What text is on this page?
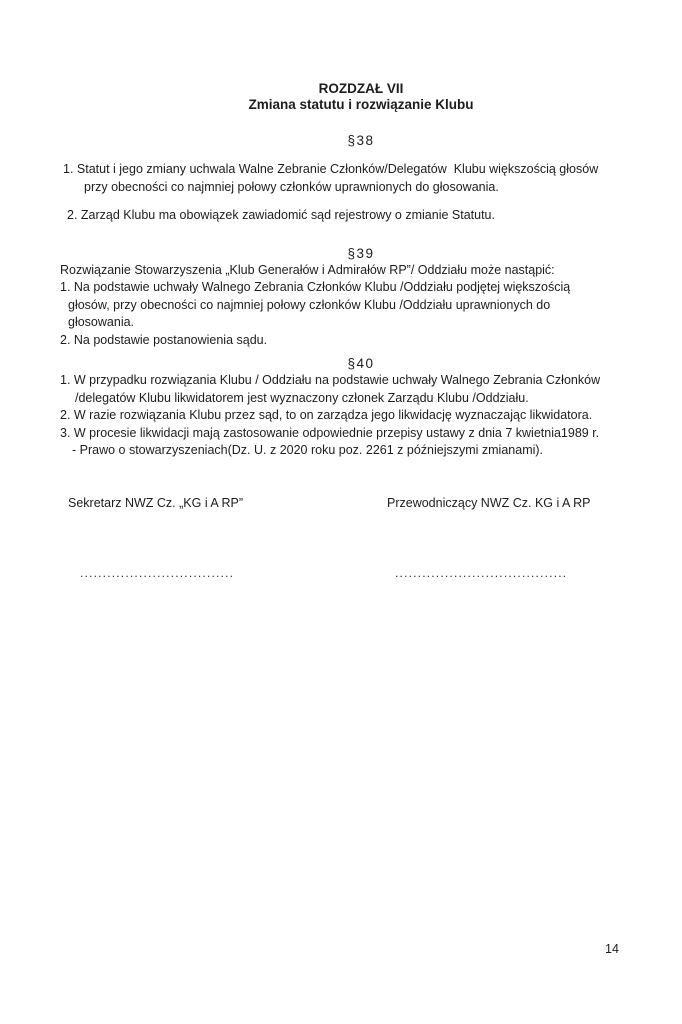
ROZDZAŁ VII
Zmiana statutu i rozwiązanie Klubu
§38
1. Statut i jego zmiany uchwala Walne Zebranie Członków/Delegatów  Klubu większością głosów
przy obecności co najmniej połowy członków uprawnionych do głosowania.
2. Zarząd Klubu ma obowiązek zawiadomić sąd rejestrowy o zmianie Statutu.
§39
Rozwiązanie Stowarzyszenia „Klub Generałów i Admirałów RP”/ Oddziału może nastąpić:
1. Na podstawie uchwały Walnego Zebrania Członków Klubu /Oddziału podjętej większością
głosów, przy obecności co najmniej połowy członków Klubu /Oddziału uprawnionych do
głosowania.
2. Na podstawie postanowienia sądu.
§40
1. W przypadku rozwiązania Klubu / Oddziału na podstawie uchwały Walnego Zebrania Członków
/delegatów Klubu likwidatorem jest wyznaczony członek Zarządu Klubu /Oddziału.
2. W razie rozwiązania Klubu przez sąd, to on zarządza jego likwidację wyznaczając likwidatora.
3. W procesie likwidacji mają zastosowanie odpowiednie przepisy ustawy z dnia 7 kwietnia1989 r.
- Prawo o stowarzyszeniach(Dz. U. z 2020 roku poz. 2261 z późniejszymi zmianami).
Sekretarz NWZ Cz. „KG i A RP”	Przewodniczący NWZ Cz. KG i A RP
..................................	......................................
14
